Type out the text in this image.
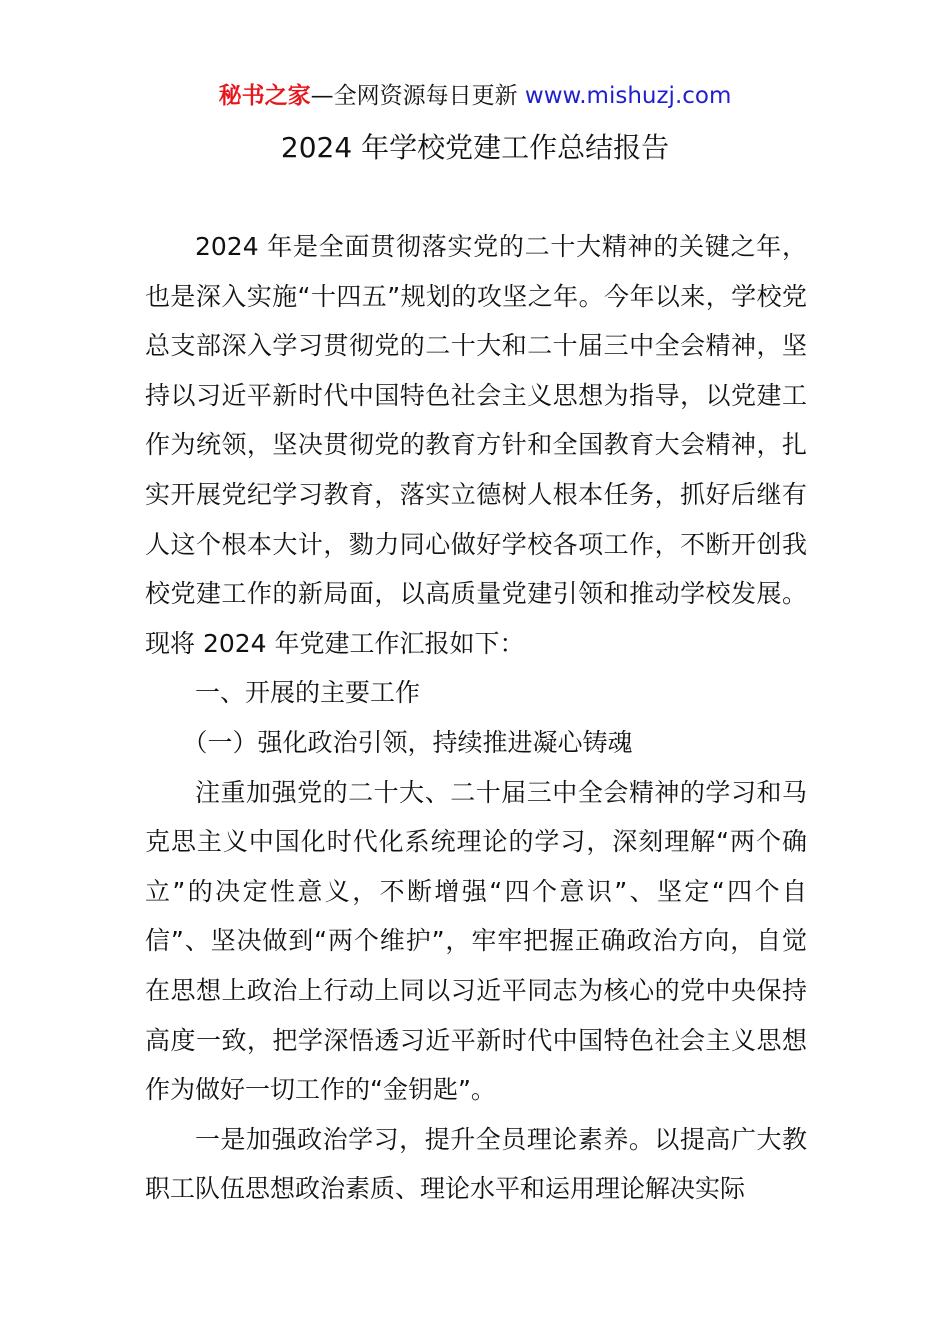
秘书之家—全网资源每日更新 www.mishuzj.com
2024 年学校党建工作总结报告

2024 年是全面贯彻落实党的二十大精神的关键之年，也是深入实施“十四五”规划的攻坚之年。今年以来，学校党总支部深入学习贯彻党的二十大和二十届三中全会精神，坚持以习近平新时代中国特色社会主义思想为指导，以党建工作为统领，坚决贯彻党的教育方针和全国教育大会精神，扎实开展党纪学习教育，落实立德树人根本任务，抓好后继有人这个根本大计，勠力同心做好学校各项工作，不断开创我校党建工作的新局面，以高质量党建引领和推动学校发展。现将 2024 年党建工作汇报如下：

一、开展的主要工作

（一）强化政治引领，持续推进凝心铸魂

注重加强党的二十大、二十届三中全会精神的学习和马克思主义中国化时代化系统理论的学习，深刻理解“两个确立”的决定性意义，不断增强“四个意识”、坚定“四个自信”、坚决做到“两个维护”，牢牢把握正确政治方向，自觉在思想上政治上行动上同以习近平同志为核心的党中央保持高度一致，把学深悟透习近平新时代中国特色社会主义思想作为做好一切工作的“金钥匙”。

一是加强政治学习，提升全员理论素养。以提高广大教职工队伍思想政治素质、理论水平和运用理论解决实际
